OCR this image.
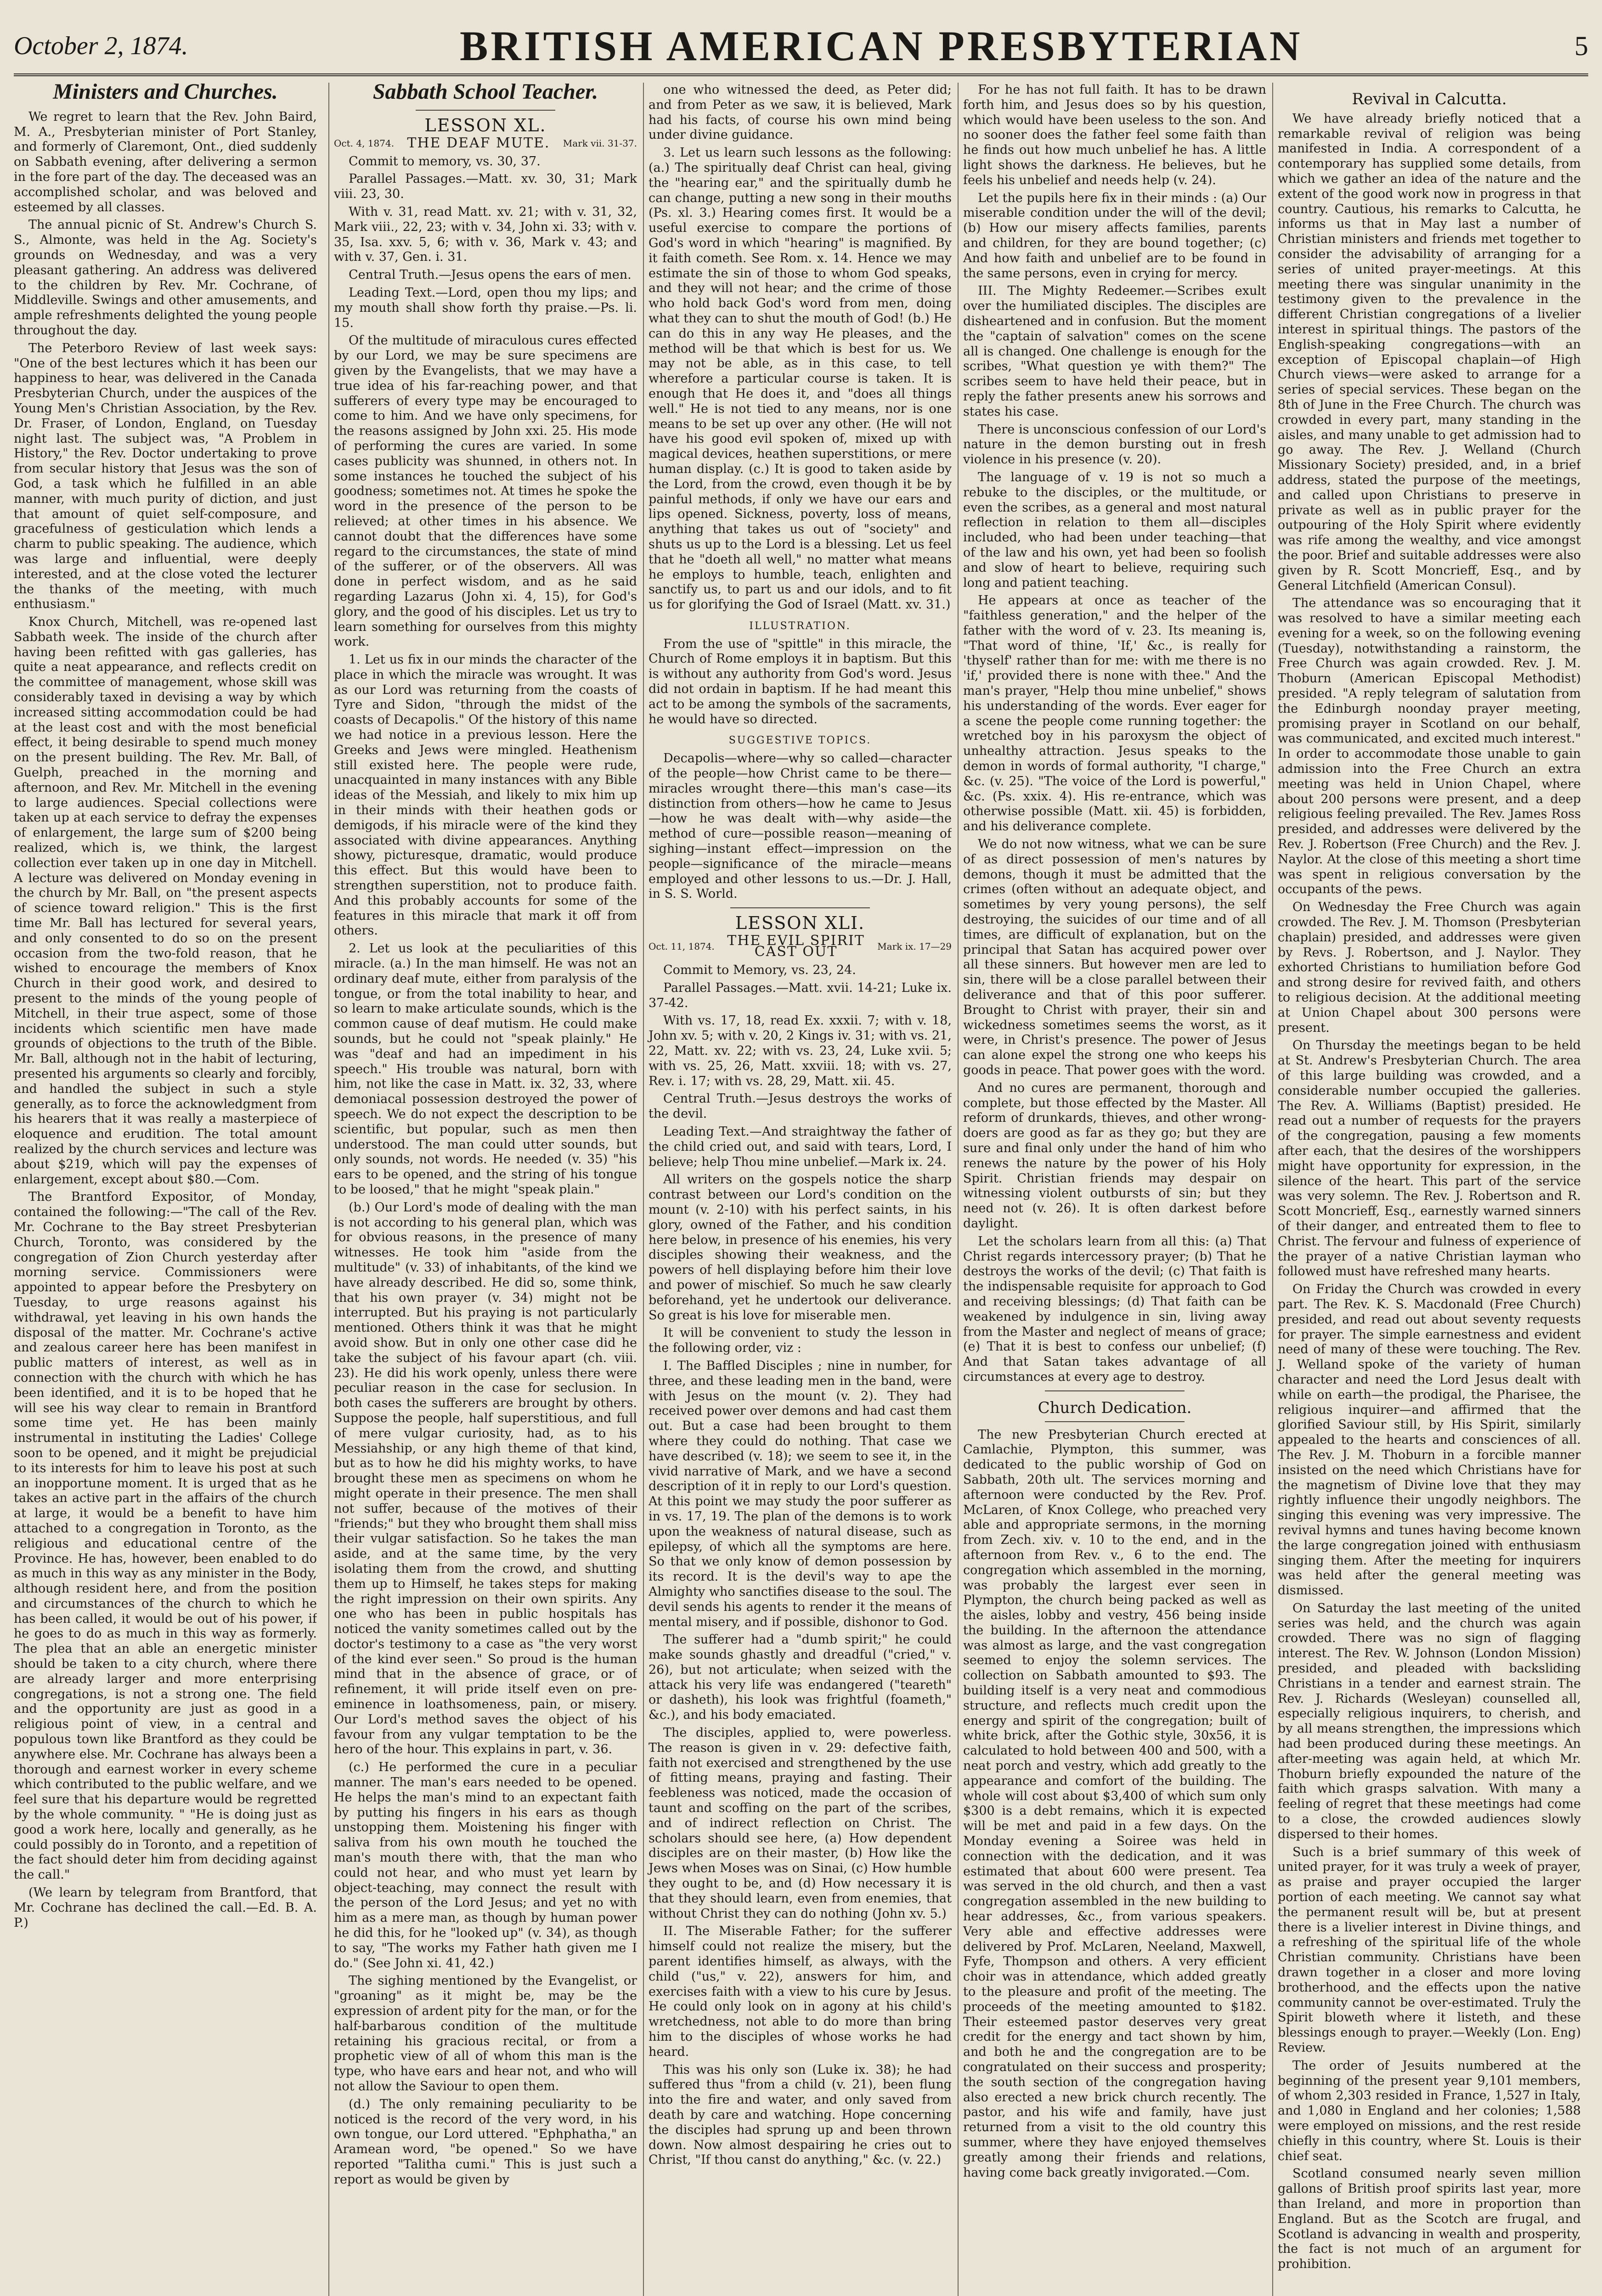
October 2, 1874.	BRITISH AMERICAN PRESBYTERIAN	5
Ministers and Churches.

We regret to learn that the Rev. John Baird, M. A., Presbyterian minister of Port Stanley, and formerly of Claremont, Ont., died suddenly on Sabbath evening, after delivering a sermon in the fore part of the day. The deceased was an accomplished scholar, and was beloved and esteemed by all classes.

The annual picnic of St. Andrew's Church S. S., Almonte, was held in the Ag. Society's grounds on Wednesday, and was a very pleasant gathering. An address was delivered to the children by Rev. Mr. Cochrane, of Middleville. Swings and other amusements, and ample refreshments delighted the young people throughout the day.

The Peterboro Review of last week says: "One of the best lectures which it has been our happiness to hear, was delivered in the Canada Presbyterian Church, under the auspices of the Young Men's Christian Association, by the Rev. Dr. Fraser, of London, England, on Tuesday night last. The subject was, "A Problem in History," the Rev. Doctor undertaking to prove from secular history that Jesus was the son of God, a task which he fulfilled in an able manner, with much purity of diction, and just that amount of quiet self-composure, and gracefulness of gesticulation which lends a charm to public speaking. The audience, which was large and influential, were deeply interested, and at the close voted the lecturer the thanks of the meeting, with much enthusiasm."

Knox Church, Mitchell, was re-opened last Sabbath week. The inside of the church after having been refitted with gas galleries, has quite a neat appearance, and reflects credit on the committee of management, whose skill was considerably taxed in devising a way by which increased sitting accommodation could be had at the least cost and with the most beneficial effect, it being desirable to spend much money on the present building. The Rev. Mr. Ball, of Guelph, preached in the morning and afternoon, and Rev. Mr. Mitchell in the evening to large audiences. Special collections were taken up at each service to defray the expenses of enlargement, the large sum of $200 being realized, which is, we think, the largest collection ever taken up in one day in Mitchell. A lecture was delivered on Monday evening in the church by Mr. Ball, on "the present aspects of science toward religion." This is the first time Mr. Ball has lectured for several years, and only consented to do so on the present occasion from the two-fold reason, that he wished to encourage the members of Knox Church in their good work, and desired to present to the minds of the young people of Mitchell, in their true aspect, some of those incidents which scientific men have made grounds of objections to the truth of the Bible. Mr. Ball, although not in the habit of lecturing, presented his arguments so clearly and forcibly, and handled the subject in such a style generally, as to force the acknowledgment from his hearers that it was really a masterpiece of eloquence and erudition. The total amount realized by the church services and lecture was about $219, which will pay the expenses of enlargement, except about $80.—Com.

The Brantford Expositor, of Monday, contained the following:—"The call of the Rev. Mr. Cochrane to the Bay street Presbyterian Church, Toronto, was considered by the congregation of Zion Church yesterday after morning service. Commissioners were appointed to appear before the Presbytery on Tuesday, to urge reasons against his withdrawal, yet leaving in his own hands the disposal of the matter. Mr. Cochrane's active and zealous career here has been manifest in public matters of interest, as well as in connection with the church with which he has been identified, and it is to be hoped that he will see his way clear to remain in Brantford some time yet. He has been mainly instrumental in instituting the Ladies' College soon to be opened, and it might be prejudicial to its interests for him to leave his post at such an inopportune moment. It is urged that as he takes an active part in the affairs of the church at large, it would be a benefit to have him attached to a congregation in Toronto, as the religious and educational centre of the Province. He has, however, been enabled to do as much in this way as any minister in the Body, although resident here, and from the position and circumstances of the church to which he has been called, it would be out of his power, if he goes to do as much in this way as formerly. The plea that an able an energetic minister should be taken to a city church, where there are already larger and more enterprising congregations, is not a strong one. The field and the opportunity are just as good in a religious point of view, in a central and populous town like Brantford as they could be anywhere else. Mr. Cochrane has always been a thorough and earnest worker in every scheme which contributed to the public welfare, and we feel sure that his departure would be regretted by the whole community. " "He is doing just as good a work here, locally and generally, as he could possibly do in Toronto, and a repetition of the fact should deter him from deciding against the call."

(We learn by telegram from Brantford, that Mr. Cochrane has declined the call.—Ed. B. A. P.)

Sabbath School Teacher.
LESSON XL.
Oct. 4, 1874. THE DEAF MUTE.	Mark vii. 31-37.

Commit to memory, vs. 30, 37.

Parallel Passages.—Matt. xv. 30, 31; Mark viii. 23, 30.

With v. 31, read Matt. xv. 21; with v. 31, 32, Mark viii., 22, 23; with v. 34, John xi. 33; with v. 35, Isa. xxv. 5, 6; with v. 36, Mark v. 43; and with v. 37, Gen. i. 31.

Central Truth.—Jesus opens the ears of men.

Leading Text.—Lord, open thou my lips; and my mouth shall show forth thy praise.—Ps. li. 15.

Of the multitude of miraculous cures effected by our Lord, we may be sure specimens are given by the Evangelists, that we may have a true idea of his far-reaching power, and that sufferers of every type may be encouraged to come to him. And we have only specimens, for the reasons assigned by John xxi. 25. His mode of performing the cures are varied. In some cases publicity was shunned, in others not. In some instances he touched the subject of his goodness; sometimes not. At times he spoke the word in the presence of the person to be relieved; at other times in his absence. We cannot doubt that the differences have some regard to the circumstances, the state of mind of the sufferer, or of the observers. All was done in perfect wisdom, and as he said regarding Lazarus (John xi. 4, 15), for God's glory, and the good of his disciples. Let us try to learn something for ourselves from this mighty work.

1. Let us fix in our minds the character of the place in which the miracle was wrought. It was as our Lord was returning from the coasts of Tyre and Sidon, "through the midst of the coasts of Decapolis." Of the history of this name we had notice in a previous lesson. Here the Greeks and Jews were mingled. Heathenism still existed here. The people were rude, unacquainted in many instances with any Bible ideas of the Messiah, and likely to mix him up in their minds with their heathen gods or demigods, if his miracle were of the kind they associated with divine appearances. Anything showy, picturesque, dramatic, would produce this effect. But this would have been to strengthen superstition, not to produce faith. And this probably accounts for some of the features in this miracle that mark it off from others.

2. Let us look at the peculiarities of this miracle. (a.) In the man himself. He was not an ordinary deaf mute, either from paralysis of the tongue, or from the total inability to hear, and so learn to make articulate sounds, which is the common cause of deaf mutism. He could make sounds, but he could not "speak plainly." He was "deaf and had an impediment in his speech." His trouble was natural, born with him, not like the case in Matt. ix. 32, 33, where demoniacal possession destroyed the power of speech. We do not expect the description to be scientific, but popular, such as men then understood. The man could utter sounds, but only sounds, not words. He needed (v. 35) "his ears to be opened, and the string of his tongue to be loosed," that he might "speak plain."

(b.) Our Lord's mode of dealing with the man is not according to his general plan, which was for obvious reasons, in the presence of many witnesses. He took him "aside from the multitude" (v. 33) of inhabitants, of the kind we have already described. He did so, some think, that his own prayer (v. 34) might not be interrupted. But his praying is not particularly mentioned. Others think it was that he might avoid show. But in only one other case did he take the subject of his favour apart (ch. viii. 23). He did his work openly, unless there were peculiar reason in the case for seclusion. In both cases the sufferers are brought by others. Suppose the people, half superstitious, and full of mere vulgar curiosity, had, as to his Messiahship, or any high theme of that kind, but as to how he did his mighty works, to have brought these men as specimens on whom he might operate in their presence. The men shall not suffer, because of the motives of their "friends;" but they who brought them shall miss their vulgar satisfaction. So he takes the man aside, and at the same time, by the very isolating them from the crowd, and shutting them up to Himself, he takes steps for making the right impression on their own spirits. Any one who has been in public hospitals has noticed the vanity sometimes called out by the doctor's testimony to a case as "the very worst of the kind ever seen." So proud is the human mind that in the absence of grace, or of refinement, it will pride itself even on pre-eminence in loathsomeness, pain, or misery. Our Lord's method saves the object of his favour from any vulgar temptation to be the hero of the hour. This explains in part, v. 36.

(c.) He performed the cure in a peculiar manner. The man's ears needed to be opened. He helps the man's mind to an expectant faith by putting his fingers in his ears as though unstopping them. Moistening his finger with saliva from his own mouth he touched the man's mouth there with, that the man who could not hear, and who must yet learn by object-teaching, may connect the result with the person of the Lord Jesus; and yet no with him as a mere man, as though by human power he did this, for he "looked up" (v. 34), as though to say, "The works my Father hath given me I do." (See John xi. 41, 42.)

The sighing mentioned by the Evangelist, or "groaning" as it might be, may be the expression of ardent pity for the man, or for the half-barbarous condition of the multitude retaining his gracious recital, or from a prophetic view of all of whom this man is the type, who have ears and hear not, and who will not allow the Saviour to open them.

(d.) The only remaining peculiarity to be noticed is the record of the very word, in his own tongue, our Lord uttered. "Ephphatha," an Aramean word, "be opened." So we have reported "Talitha cumi." This is just such a report as would be given by

one who witnessed the deed, as Peter did; and from Peter as we saw, it is believed, Mark had his facts, of course his own mind being under divine guidance.

3. Let us learn such lessons as the following: (a.) The spiritually deaf Christ can heal, giving the "hearing ear," and the spiritually dumb he can change, putting a new song in their mouths (Ps. xl. 3.) Hearing comes first. It would be a useful exercise to compare the portions of God's word in which "hearing" is magnified. By it faith cometh. See Rom. x. 14. Hence we may estimate the sin of those to whom God speaks, and they will not hear; and the crime of those who hold back God's word from men, doing what they can to shut the mouth of God! (b.) He can do this in any way He pleases, and the method will be that which is best for us. We may not be able, as in this case, to tell wherefore a particular course is taken. It is enough that He does it, and "does all things well." He is not tied to any means, nor is one means to be set up over any other. (He will not have his good evil spoken of, mixed up with magical devices, heathen superstitions, or mere human display. (c.) It is good to taken aside by the Lord, from the crowd, even though it be by painful methods, if only we have our ears and lips opened. Sickness, poverty, loss of means, anything that takes us out of "society" and shuts us up to the Lord is a blessing. Let us feel that he "doeth all well," no matter what means he employs to humble, teach, enlighten and sanctify us, to part us and our idols, and to fit us for glorifying the God of Israel (Matt. xv. 31.)

ILLUSTRATION.

From the use of "spittle" in this miracle, the Church of Rome employs it in baptism. But this is without any authority from God's word. Jesus did not ordain in baptism. If he had meant this act to be among the symbols of the sacraments, he would have so directed.

SUGGESTIVE TOPICS.

Decapolis—where—why so called—character of the people—how Christ came to be there—miracles wrought there—this man's case—its distinction from others—how he came to Jesus—how he was dealt with—why aside—the method of cure—possible reason—meaning of sighing—instant effect—impression on the people—significance of the miracle—means employed and other lessons to us.—Dr. J. Hall, in S. S. World.

LESSON XLI.
Oct. 11, 1874. THE EVIL SPIRIT CAST OUT	Mark ix. 17—29

Commit to Memory, vs. 23, 24.

Parallel Passages.—Matt. xvii. 14-21; Luke ix. 37-42.

With vs. 17, 18, read Ex. xxxii. 7; with v. 18, John xv. 5; with v. 20, 2 Kings iv. 31; with vs. 21, 22, Matt. xv. 22; with vs. 23, 24, Luke xvii. 5; with vs. 25, 26, Matt. xxviii. 18; with vs. 27, Rev. i. 17; with vs. 28, 29, Matt. xii. 45.

Central Truth.—Jesus destroys the works of the devil.

Leading Text.—And straightway the father of the child cried out, and said with tears, Lord, I believe; help Thou mine unbelief.—Mark ix. 24.

All writers on the gospels notice the sharp contrast between our Lord's condition on the mount (v. 2-10) with his perfect saints, in his glory, owned of the Father, and his condition here below, in presence of his enemies, his very disciples showing their weakness, and the powers of hell displaying before him their love and power of mischief. So much he saw clearly beforehand, yet he undertook our deliverance. So great is his love for miserable men.

It will be convenient to study the lesson in the following order, viz :

I. The Baffled Disciples ; nine in number, for three, and these leading men in the band, were with Jesus on the mount (v. 2). They had received power over demons and had cast them out. But a case had been brought to them where they could do nothing. That case we have described (v. 18); we seem to see it, in the vivid narrative of Mark, and we have a second description of it in reply to our Lord's question. At this point we may study the poor sufferer as in vs. 17, 19. The plan of the demons is to work upon the weakness of natural disease, such as epilepsy, of which all the symptoms are here. So that we only know of demon possession by its record. It is the devil's way to ape the Almighty who sanctifies disease to the soul. The devil sends his agents to render it the means of mental misery, and if possible, dishonor to God.

The sufferer had a "dumb spirit;" he could make sounds ghastly and dreadful ("cried," v. 26), but not articulate; when seized with the attack his very life was endangered ("teareth" or dasheth), his look was frightful (foameth," &c.), and his body emaciated.

The disciples, applied to, were powerless. The reason is given in v. 29: defective faith, faith not exercised and strengthened by the use of fitting means, praying and fasting. Their feebleness was noticed, made the occasion of taunt and scoffing on the part of the scribes, and of indirect reflection on Christ. The scholars should see here, (a) How dependent disciples are on their master, (b) How like the Jews when Moses was on Sinai, (c) How humble they ought to be, and (d) How necessary it is that they should learn, even from enemies, that without Christ they can do nothing (John xv. 5.)

II. The Miserable Father; for the sufferer himself could not realize the misery, but the parent identifies himself, as always, with the child ("us," v. 22), answers for him, and exercises faith with a view to his cure by Jesus. He could only look on in agony at his child's wretchedness, not able to do more than bring him to the disciples of whose works he had heard.

This was his only son (Luke ix. 38); he had suffered thus "from a child (v. 21), been flung into the fire and water, and only saved from death by care and watching. Hope concerning the disciples had sprung up and been thrown down. Now almost despairing he cries out to Christ, "If thou canst do anything," &c. (v. 22.)

For he has not full faith. It has to be drawn forth him, and Jesus does so by his question, which would have been useless to the son. And no sooner does the father feel some faith than he finds out how much unbelief he has. A little light shows the darkness. He believes, but he feels his unbelief and needs help (v. 24).

Let the pupils here fix in their minds : (a) Our miserable condition under the will of the devil; (b) How our misery affects families, parents and children, for they are bound together; (c) And how faith and unbelief are to be found in the same persons, even in crying for mercy.

III. The Mighty Redeemer.—Scribes exult over the humiliated disciples. The disciples are disheartened and in confusion. But the moment the "captain of salvation" comes on the scene all is changed. One challenge is enough for the scribes, "What question ye with them?" The scribes seem to have held their peace, but in reply the father presents anew his sorrows and states his case.

There is unconscious confession of our Lord's nature in the demon bursting out in fresh violence in his presence (v. 20).

The language of v. 19 is not so much a rebuke to the disciples, or the multitude, or even the scribes, as a general and most natural reflection in relation to them all—disciples included, who had been under teaching—that of the law and his own, yet had been so foolish and slow of heart to believe, requiring such long and patient teaching.

He appears at once as teacher of the "faithless generation," and the helper of the father with the word of v. 23. Its meaning is, "That word of thine, 'If,' &c., is really for 'thyself' rather than for me: with me there is no 'if,' provided there is none with thee." And the man's prayer, "Help thou mine unbelief," shows his understanding of the words. Ever eager for a scene the people come running together: the wretched boy in his paroxysm the object of unhealthy attraction. Jesus speaks to the demon in words of formal authority, "I charge," &c. (v. 25). "The voice of the Lord is powerful," &c. (Ps. xxix. 4). His re-entrance, which was otherwise possible (Matt. xii. 45) is forbidden, and his deliverance complete.

We do not now witness, what we can be sure of as direct possession of men's natures by demons, though it must be admitted that the crimes (often without an adequate object, and sometimes by very young persons), the self destroying, the suicides of our time and of all times, are difficult of explanation, but on the principal that Satan has acquired power over all these sinners. But however men are led to sin, there will be a close parallel between their deliverance and that of this poor sufferer. Brought to Christ with prayer, their sin and wickedness sometimes seems the worst, as it were, in Christ's presence. The power of Jesus can alone expel the strong one who keeps his goods in peace. That power goes with the word.

And no cures are permanent, thorough and complete, but those effected by the Master. All reform of drunkards, thieves, and other wrong-doers are good as far as they go; but they are sure and final only under the hand of him who renews the nature by the power of his Holy Spirit. Christian friends may despair on witnessing violent outbursts of sin; but they need not (v. 26). It is often darkest before daylight.

Let the scholars learn from all this: (a) That Christ regards intercessory prayer; (b) That he destroys the works of the devil; (c) That faith is the indispensable requisite for approach to God and receiving blessings; (d) That faith can be weakened by indulgence in sin, living away from the Master and neglect of means of grace; (e) That it is best to confess our unbelief; (f) And that Satan takes advantage of all circumstances at every age to destroy.

Church Dedication.

The new Presbyterian Church erected at Camlachie, Plympton, this summer, was dedicated to the public worship of God on Sabbath, 20th ult. The services morning and afternoon were conducted by the Rev. Prof. McLaren, of Knox College, who preached very able and appropriate sermons, in the morning from Zech. xiv. v. 10 to the end, and in the afternoon from Rev. v., 6 to the end. The congregation which assembled in the morning, was probably the largest ever seen in Plympton, the church being packed as well as the aisles, lobby and vestry, 456 being inside the building. In the afternoon the attendance was almost as large, and the vast congregation seemed to enjoy the solemn services. The collection on Sabbath amounted to $93. The building itself is a very neat and commodious structure, and reflects much credit upon the energy and spirit of the congregation; built of white brick, after the Gothic style, 30x56, it is calculated to hold between 400 and 500, with a neat porch and vestry, which add greatly to the appearance and comfort of the building. The whole will cost about $3,400 of which sum only $300 is a debt remains, which it is expected will be met and paid in a few days. On the Monday evening a Soiree was held in connection with the dedication, and it was estimated that about 600 were present. Tea was served in the old church, and then a vast congregation assembled in the new building to hear addresses, &c., from various speakers. Very able and effective addresses were delivered by Prof. McLaren, Neeland, Maxwell, Fyfe, Thompson and others. A very efficient choir was in attendance, which added greatly to the pleasure and profit of the meeting. The proceeds of the meeting amounted to $182. Their esteemed pastor deserves very great credit for the energy and tact shown by him, and both he and the congregation are to be congratulated on their success and prosperity; the south section of the congregation having also erected a new brick church recently. The pastor, and his wife and family, have just returned from a visit to the old country this summer, where they have enjoyed themselves greatly among their friends and relations, having come back greatly invigorated.—Com.

Revival in Calcutta.

We have already briefly noticed that a remarkable revival of religion was being manifested in India. A correspondent of a contemporary has supplied some details, from which we gather an idea of the nature and the extent of the good work now in progress in that country. Cautious, his remarks to Calcutta, he informs us that in May last a number of Christian ministers and friends met together to consider the advisability of arranging for a series of united prayer-meetings. At this meeting there was singular unanimity in the testimony given to the prevalence in the different Christian congregations of a livelier interest in spiritual things. The pastors of the English-speaking congregations—with an exception of Episcopal chaplain—of High Church views—were asked to arrange for a series of special services. These began on the 8th of June in the Free Church. The church was crowded in every part, many standing in the aisles, and many unable to get admission had to go away. The Rev. J. Welland (Church Missionary Society) presided, and, in a brief address, stated the purpose of the meetings, and called upon Christians to preserve in private as well as in public prayer for the outpouring of the Holy Spirit where evidently was rife among the wealthy, and vice amongst the poor. Brief and suitable addresses were also given by R. Scott Moncrieff, Esq., and by General Litchfield (American Consul).

The attendance was so encouraging that it was resolved to have a similar meeting each evening for a week, so on the following evening (Tuesday), notwithstanding a rainstorm, the Free Church was again crowded. Rev. J. M. Thoburn (American Episcopal Methodist) presided. "A reply telegram of salutation from the Edinburgh noonday prayer meeting, promising prayer in Scotland on our behalf, was communicated, and excited much interest." In order to accommodate those unable to gain admission into the Free Church an extra meeting was held in Union Chapel, where about 200 persons were present, and a deep religious feeling prevailed. The Rev. James Ross presided, and addresses were delivered by the Rev. J. Robertson (Free Church) and the Rev. J. Naylor. At the close of this meeting a short time was spent in religious conversation by the occupants of the pews.

On Wednesday the Free Church was again crowded. The Rev. J. M. Thomson (Presbyterian chaplain) presided, and addresses were given by Revs. J. Robertson, and J. Naylor. They exhorted Christians to humiliation before God and strong desire for revived faith, and others to religious decision. At the additional meeting at Union Chapel about 300 persons were present.

On Thursday the meetings began to be held at St. Andrew's Presbyterian Church. The area of this large building was crowded, and a considerable number occupied the galleries. The Rev. A. Williams (Baptist) presided. He read out a number of requests for the prayers of the congregation, pausing a few moments after each, that the desires of the worshippers might have opportunity for expression, in the silence of the heart. This part of the service was very solemn. The Rev. J. Robertson and R. Scott Moncrieff, Esq., earnestly warned sinners of their danger, and entreated them to flee to Christ. The fervour and fulness of experience of the prayer of a native Christian layman who followed must have refreshed many hearts.

On Friday the Church was crowded in every part. The Rev. K. S. Macdonald (Free Church) presided, and read out about seventy requests for prayer. The simple earnestness and evident need of many of these were touching. The Rev. J. Welland spoke of the variety of human character and need the Lord Jesus dealt with while on earth—the prodigal, the Pharisee, the religious inquirer—and affirmed that the glorified Saviour still, by His Spirit, similarly appealed to the hearts and consciences of all. The Rev. J. M. Thoburn in a forcible manner insisted on the need which Christians have for the magnetism of Divine love that they may rightly influence their ungodly neighbors. The singing this evening was very impressive. The revival hymns and tunes having become known the large congregation joined with enthusiasm singing them. After the meeting for inquirers was held after the general meeting was dismissed.

On Saturday the last meeting of the united series was held, and the church was again crowded. There was no sign of flagging interest. The Rev. W. Johnson (London Mission) presided, and pleaded with backsliding Christians in a tender and earnest strain. The Rev. J. Richards (Wesleyan) counselled all, especially religious inquirers, to cherish, and by all means strengthen, the impressions which had been produced during these meetings. An after-meeting was again held, at which Mr. Thoburn briefly expounded the nature of the faith which grasps salvation. With many a feeling of regret that these meetings had come to a close, the crowded audiences slowly dispersed to their homes.

Such is a brief summary of this week of united prayer, for it was truly a week of prayer, as praise and prayer occupied the larger portion of each meeting. We cannot say what the permanent result will be, but at present there is a livelier interest in Divine things, and a refreshing of the spiritual life of the whole Christian community. Christians have been drawn together in a closer and more loving brotherhood, and the effects upon the native community cannot be over-estimated. Truly the Spirit bloweth where it listeth, and these blessings enough to prayer.—Weekly (Lon. Eng) Review.

The order of Jesuits numbered at the beginning of the present year 9,101 members, of whom 2,303 resided in France, 1,527 in Italy, and 1,080 in England and her colonies; 1,588 were employed on missions, and the rest reside chiefly in this country, where St. Louis is their chief seat.

Scotland consumed nearly seven million gallons of British proof spirits last year, more than Ireland, and more in proportion than England. But as the Scotch are frugal, and Scotland is advancing in wealth and prosperity, the fact is not much of an argument for prohibition.
